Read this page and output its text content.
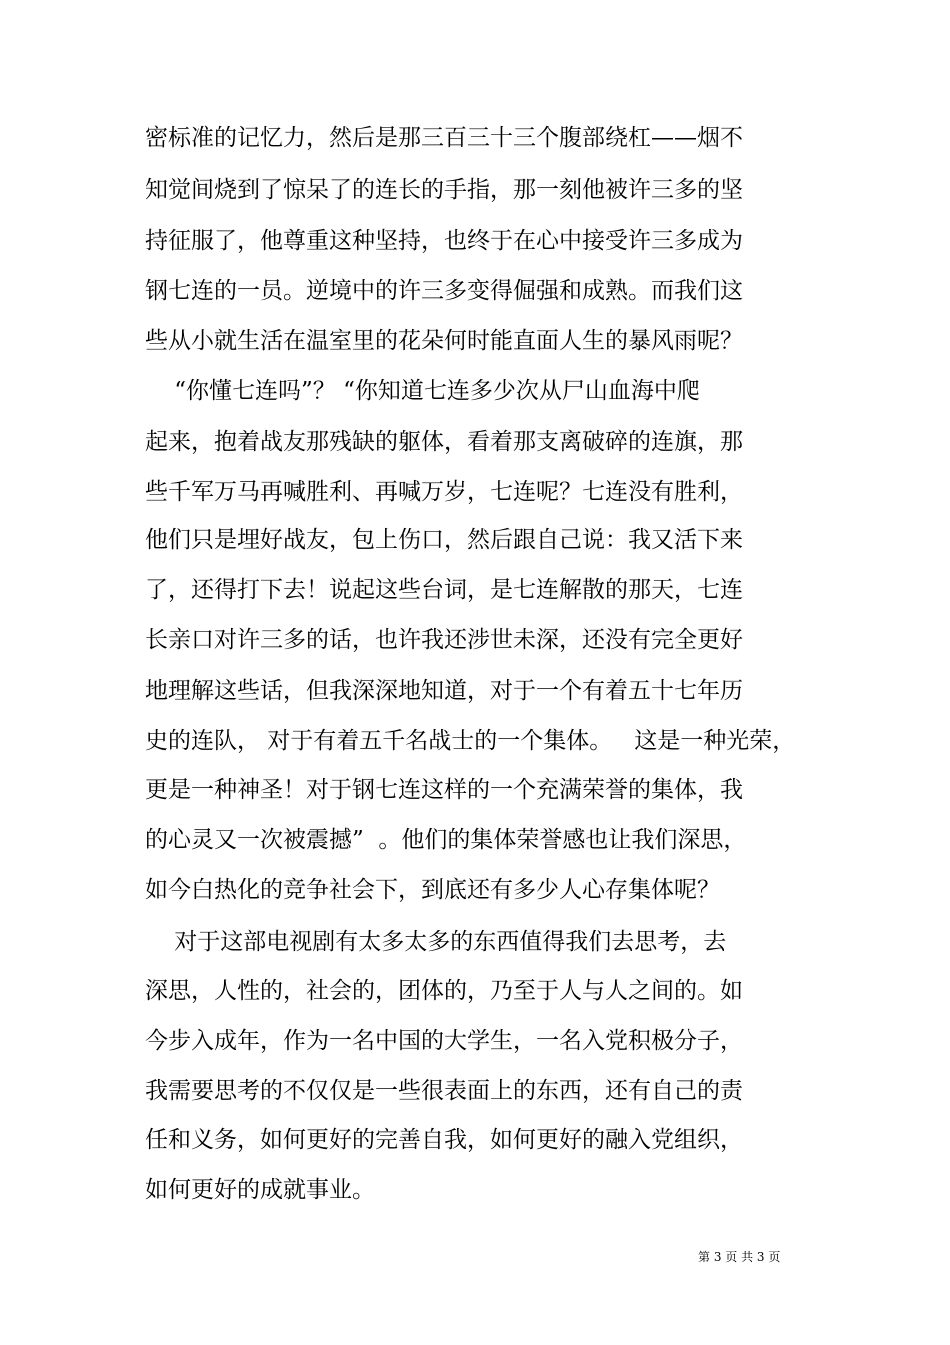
密标准的记忆力，然后是那三百三十三个腹部绕杠——烟不
知觉间烧到了惊呆了的连长的手指，那一刻他被许三多的坚
持征服了，他尊重这种坚持，也终于在心中接受许三多成为
钢七连的一员。逆境中的许三多变得倔强和成熟。而我们这
些从小就生活在温室里的花朵何时能直面人生的暴风雨呢？
“你懂七连吗”？ “你知道七连多少次从尸山血海中爬
起来，抱着战友那残缺的躯体，看着那支离破碎的连旗，那
些千军万马再喊胜利、再喊万岁，七连呢？七连没有胜利，
他们只是埋好战友，包上伤口，然后跟自己说：我又活下来
了，还得打下去！说起这些台词，是七连解散的那天，七连
长亲口对许三多的话，也许我还涉世未深，还没有完全更好
地理解这些话，但我深深地知道，对于一个有着五十七年历
史的连队， 对于有着五千名战士的一个集体。   这是一种光荣，
更是一种神圣！对于钢七连这样的一个充满荣誉的集体，我
的心灵又一次被震撼”  。他们的集体荣誉感也让我们深思，
如今白热化的竞争社会下，到底还有多少人心存集体呢？
对于这部电视剧有太多太多的东西值得我们去思考，去
深思，人性的，社会的，团体的，乃至于人与人之间的。如
今步入成年，作为一名中国的大学生，一名入党积极分子，
我需要思考的不仅仅是一些很表面上的东西，还有自己的责
任和义务，如何更好的完善自我，如何更好的融入党组织，
如何更好的成就事业。
第 3 页 共 3 页
